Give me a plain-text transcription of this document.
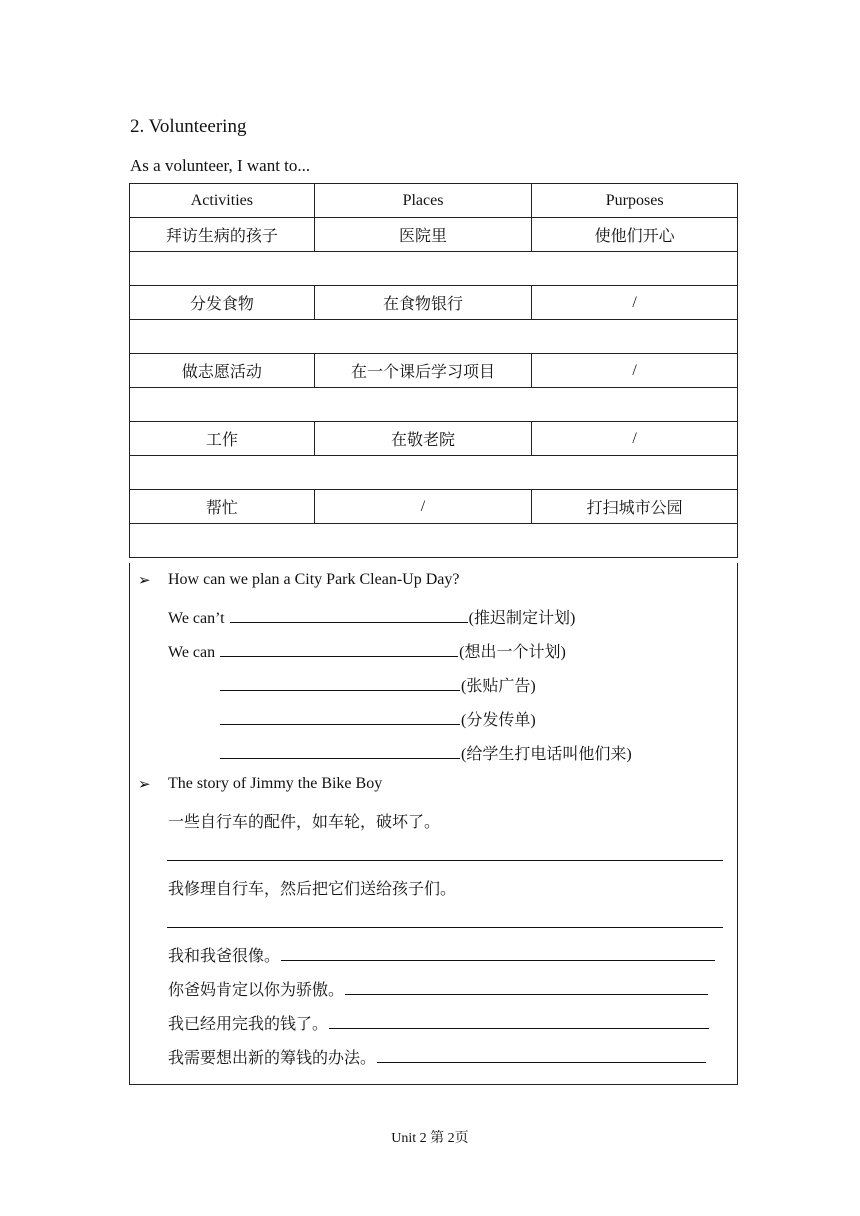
2. Volunteering
As a volunteer, I want to...
Activities	Places	Purposes
拜访生病的孩子	医院里	使他们开心

分发食物	在食物银行	/

做志愿活动	在一个课后学习项目	/

工作	在敬老院	/

帮忙	/	打扫城市公园

➢ How can we plan a City Park Clean-Up Day?
We can’t	(推迟制定计划)
We can	(想出一个计划)
(张贴广告)
(分发传单)
(给学生打电话叫他们来)
➢ The story of Jimmy the Bike Boy
一些自行车的配件，如车轮，破坏了。
我修理自行车，然后把它们送给孩子们。
我和我爸很像。
你爸妈肯定以你为骄傲。
我已经用完我的钱了。
我需要想出新的筹钱的办法。
Unit 2 第 2页
